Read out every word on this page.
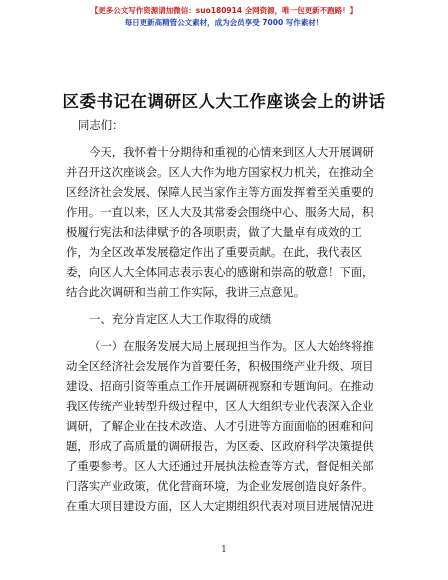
【更多公文写作资源请加微信：suo180914 全网资源，唯一包更新不跑路！】
每日更新高精管公文素材，成为会员享受 7000 写作素材！
区委书记在调研区人大工作座谈会上的讲话
同志们：
今天，我怀着十分期待和重视的心情来到区人大开展调研
并召开这次座谈会。区人大作为地方国家权力机关，在推动全
区经济社会发展、保障人民当家作主等方面发挥着至关重要的
作用。一直以来，区人大及其常委会围绕中心、服务大局，积
极履行宪法和法律赋予的各项职责，做了大量卓有成效的工
作，为全区改革发展稳定作出了重要贡献。在此，我代表区
委，向区人大全体同志表示衷心的感谢和崇高的敬意！下面，
结合此次调研和当前工作实际，我讲三点意见。
一、充分肯定区人大工作取得的成绩
（一）在服务发展大局上展现担当作为。区人大始终将推
动全区经济社会发展作为首要任务，积极围绕产业升级、项目
建设、招商引资等重点工作开展调研视察和专题询问。在推动
我区传统产业转型升级过程中，区人大组织专业代表深入企业
调研，了解企业在技术改造、人才引进等方面面临的困难和问
题，形成了高质量的调研报告，为区委、区政府科学决策提供
了重要参考。区人大还通过开展执法检查等方式，督促相关部
门落实产业政策，优化营商环境，为企业发展创造良好条件。
在重大项目建设方面，区人大定期组织代表对项目进展情况进
1
